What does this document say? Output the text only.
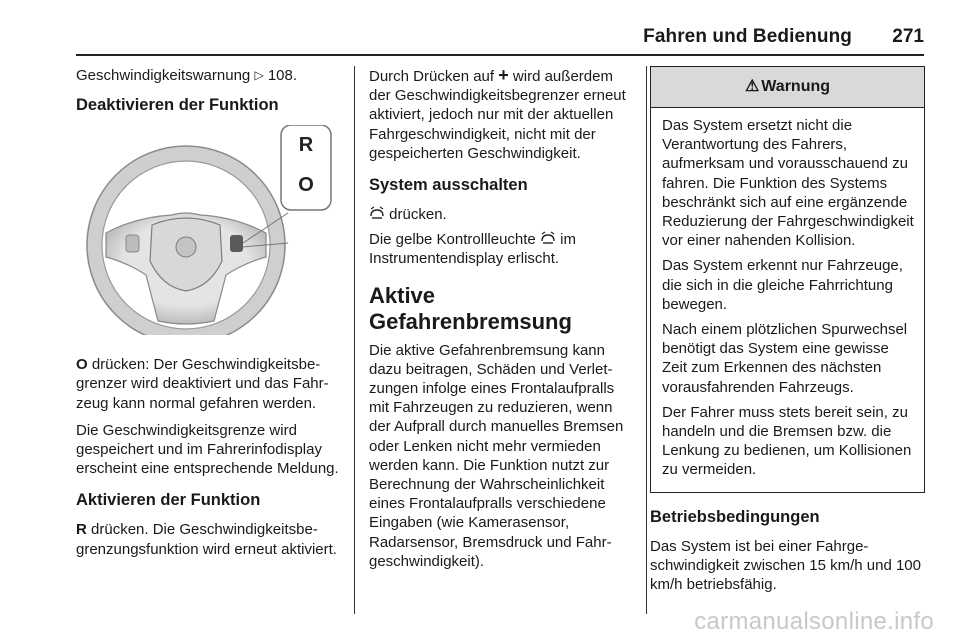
Fahren und Bedienung 271

Geschwindigkeitswarnung ▷ 108.

Deaktivieren der Funktion
R
O

O drücken: Der Geschwindigkeitsbegrenzer wird deaktiviert und das Fahrzeug kann normal gefahren werden.

Die Geschwindigkeitsgrenze wird gespeichert und im Fahrerinfodisplay erscheint eine entsprechende Meldung.

Aktivieren der Funktion

R drücken. Die Geschwindigkeitsbegrenzungsfunktion wird erneut aktiviert.

Durch Drücken auf + wird außerdem der Geschwindigkeitsbegrenzer erneut aktiviert, jedoch nur mit der aktuellen Fahrgeschwindigkeit, nicht mit der gespeicherten Geschwindigkeit.

System ausschalten

drücken.

Die gelbe Kontrollleuchte im Instrumentendisplay erlischt.

Aktive Gefahrenbremsung

Die aktive Gefahrenbremsung kann dazu beitragen, Schäden und Verletzungen infolge eines Frontalaufpralls mit Fahrzeugen zu reduzieren, wenn der Aufprall durch manuelles Bremsen oder Lenken nicht mehr vermieden werden kann. Die Funktion nutzt zur Berechnung der Wahrscheinlichkeit eines Frontalaufpralls verschiedene Eingaben (wie Kamerasensor, Radarsensor, Bremsdruck und Fahrgeschwindigkeit).

⚠ Warnung

Das System ersetzt nicht die Verantwortung des Fahrers, aufmerksam und vorausschauend zu fahren. Die Funktion des Systems beschränkt sich auf eine ergänzende Reduzierung der Fahrgeschwindigkeit vor einer nahenden Kollision.

Das System erkennt nur Fahrzeuge, die sich in die gleiche Fahrrichtung bewegen.

Nach einem plötzlichen Spurwechsel benötigt das System eine gewisse Zeit zum Erkennen des nächsten vorausfahrenden Fahrzeugs.

Der Fahrer muss stets bereit sein, zu handeln und die Bremsen bzw. die Lenkung zu bedienen, um Kollisionen zu vermeiden.

Betriebsbedingungen

Das System ist bei einer Fahrgeschwindigkeit zwischen 15 km/h und 100 km/h betriebsfähig.

carmanualsonline.info
